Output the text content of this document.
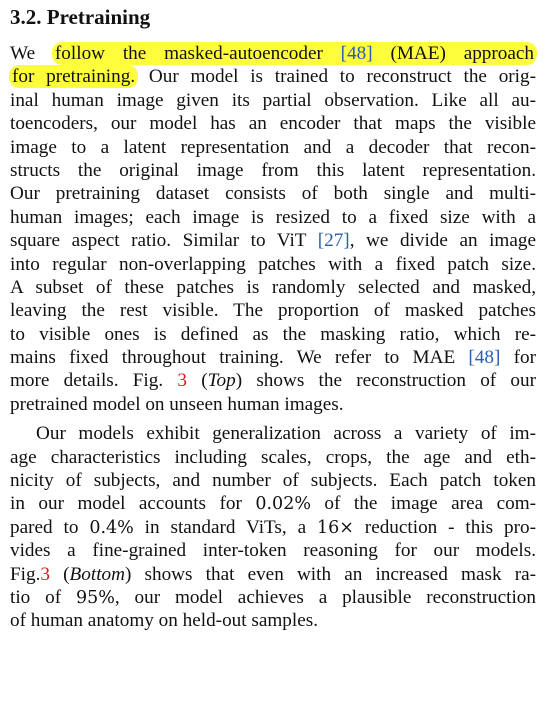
3.2. Pretraining

We follow the masked-autoencoder [48] (MAE) approach
for pretraining. Our model is trained to reconstruct the orig-
inal human image given its partial observation. Like all au-
toencoders, our model has an encoder that maps the visible
image to a latent representation and a decoder that recon-
structs the original image from this latent representation.
Our pretraining dataset consists of both single and multi-
human images; each image is resized to a fixed size with a
square aspect ratio. Similar to ViT [27], we divide an image
into regular non-overlapping patches with a fixed patch size.
A subset of these patches is randomly selected and masked,
leaving the rest visible. The proportion of masked patches
to visible ones is defined as the masking ratio, which re-
mains fixed throughout training. We refer to MAE [48] for
more details. Fig. 3 (Top) shows the reconstruction of our
pretrained model on unseen human images.

Our models exhibit generalization across a variety of im-
age characteristics including scales, crops, the age and eth-
nicity of subjects, and number of subjects. Each patch token
in our model accounts for 0.02% of the image area com-
pared to 0.4% in standard ViTs, a 16× reduction - this pro-
vides a fine-grained inter-token reasoning for our models.
Fig.3 (Bottom) shows that even with an increased mask ra-
tio of 95%, our model achieves a plausible reconstruction
of human anatomy on held-out samples.
